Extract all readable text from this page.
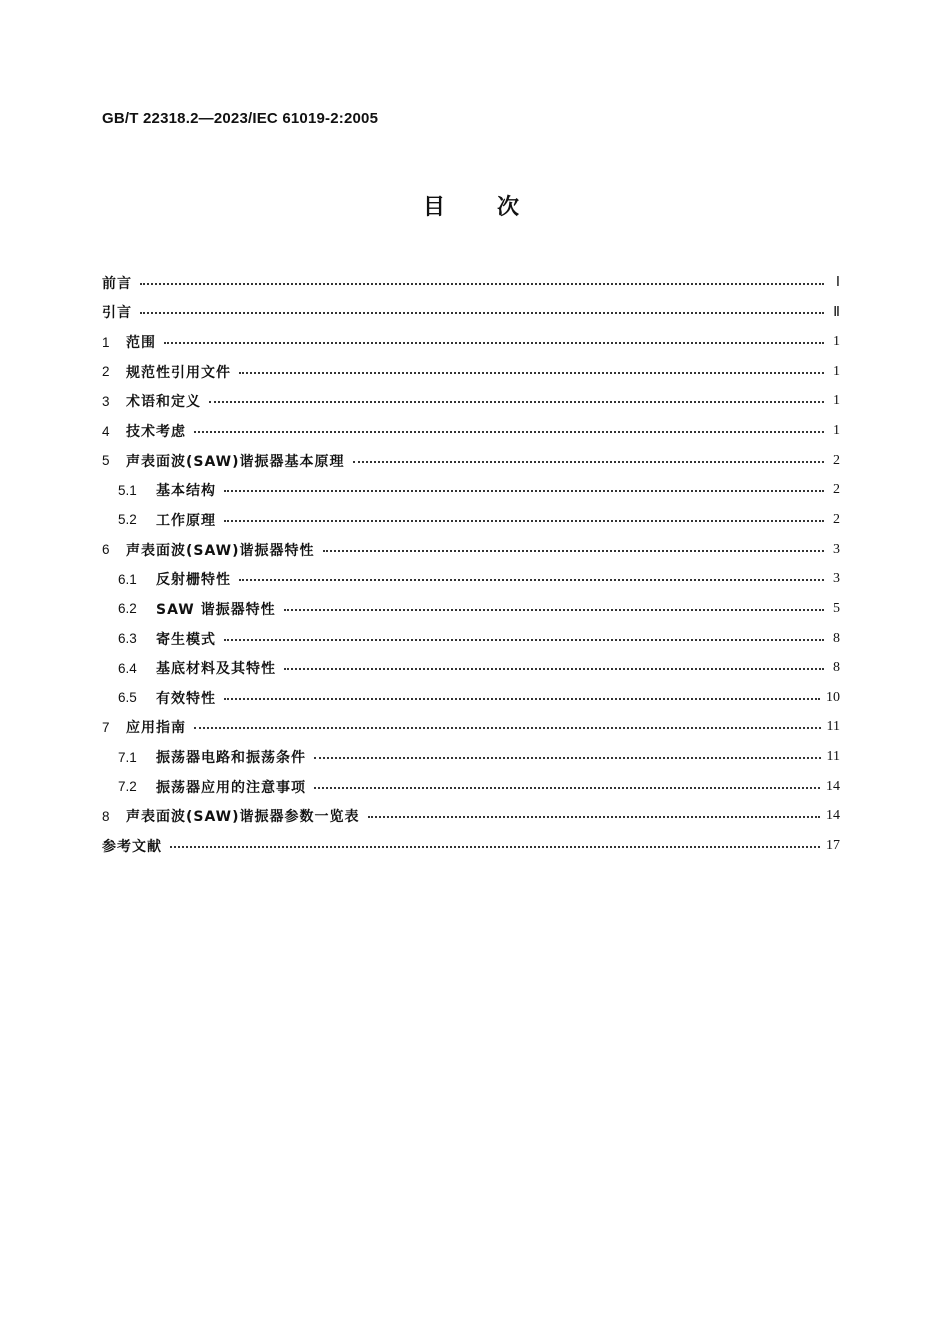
GB/T 22318.2—2023/IEC 61019-2:2005
目 次
前言	Ⅰ
引言	Ⅱ
1	范围	1
2	规范性引用文件	1
3	术语和定义	1
4	技术考虑	1
5	声表面波(SAW)谐振器基本原理	2
5.1	基本结构	2
5.2	工作原理	2
6	声表面波(SAW)谐振器特性	3
6.1	反射栅特性	3
6.2	SAW 谐振器特性	5
6.3	寄生模式	8
6.4	基底材料及其特性	8
6.5	有效特性	10
7	应用指南	11
7.1	振荡器电路和振荡条件	11
7.2	振荡器应用的注意事项	14
8	声表面波(SAW)谐振器参数一览表	14
参考文献	17
